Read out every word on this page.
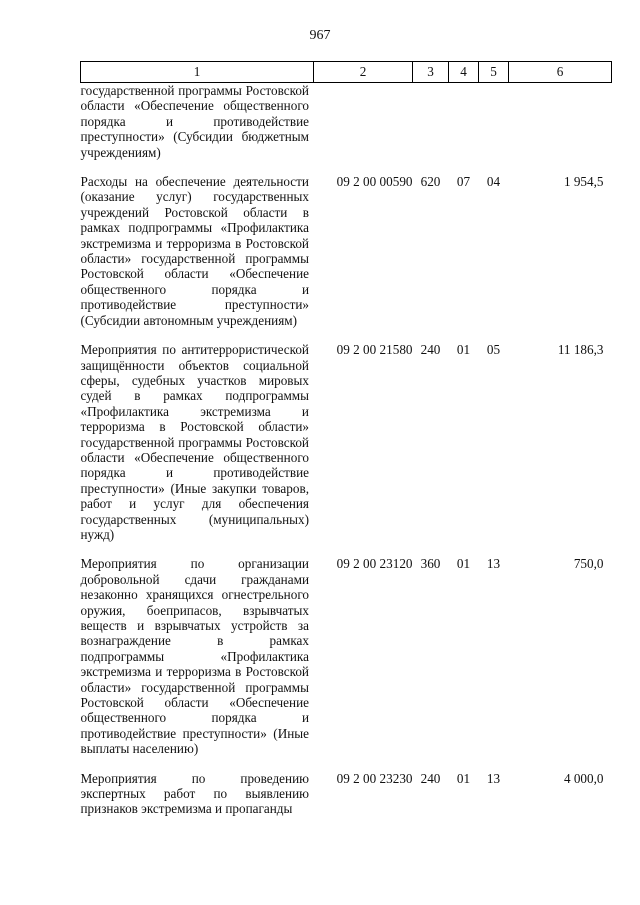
967
1	2	3	4	5	6
государственной программы Ростовской области «Обеспечение общественного порядка и противодействие преступности» (Субсидии бюджетным учреждениям)					
Расходы на обеспечение деятельности (оказание услуг) государственных учреждений Ростовской области в рамках подпрограммы «Профилактика экстремизма и терроризма в Ростовской области» государственной программы Ростовской области «Обеспечение общественного порядка и противодействие преступности» (Субсидии автономным учреждениям)	09 2 00 00590	620	07	04	1 954,5
Мероприятия по антитеррористической защищённости объектов социальной сферы, судебных участков мировых судей в рамках подпрограммы «Профилактика экстремизма и терроризма в Ростовской области» государственной программы Ростовской области «Обеспечение общественного порядка и противодействие преступности» (Иные закупки товаров, работ и услуг для обеспечения государственных (муниципальных) нужд)	09 2 00 21580	240	01	05	11 186,3
Мероприятия по организации добровольной сдачи гражданами незаконно хранящихся огнестрельного оружия, боеприпасов, взрывчатых веществ и взрывчатых устройств за вознаграждение в рамках подпрограммы «Профилактика экстремизма и терроризма в Ростовской области» государственной программы Ростовской области «Обеспечение общественного порядка и противодействие преступности» (Иные выплаты населению)	09 2 00 23120	360	01	13	750,0
Мероприятия по проведению экспертных работ по выявлению признаков экстремизма и пропаганды	09 2 00 23230	240	01	13	4 000,0
